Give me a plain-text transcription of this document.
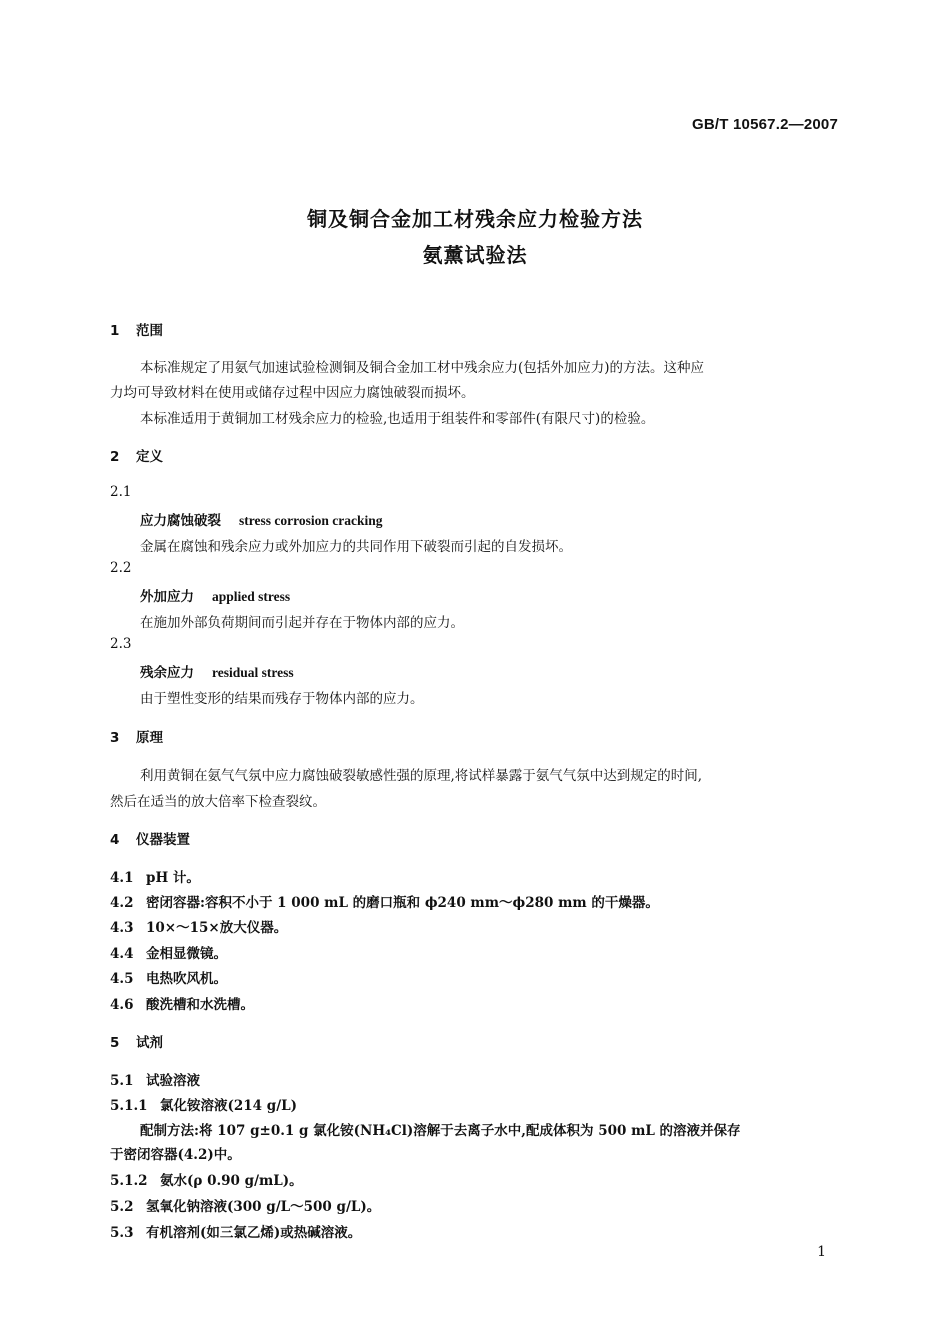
GB/T 10567.2—2007
铜及铜合金加工材残余应力检验方法
氨薰试验法
1 范围
本标准规定了用氨气加速试验检测铜及铜合金加工材中残余应力(包括外加应力)的方法。这种应
力均可导致材料在使用或储存过程中因应力腐蚀破裂而损坏。
本标准适用于黄铜加工材残余应力的检验,也适用于组装件和零部件(有限尺寸)的检验。
2 定义
2.1
应力腐蚀破裂 stress corrosion cracking
金属在腐蚀和残余应力或外加应力的共同作用下破裂而引起的自发损坏。
2.2
外加应力 applied stress
在施加外部负荷期间而引起并存在于物体内部的应力。
2.3
残余应力 residual stress
由于塑性变形的结果而残存于物体内部的应力。
3 原理
利用黄铜在氨气气氛中应力腐蚀破裂敏感性强的原理,将试样暴露于氨气气氛中达到规定的时间,
然后在适当的放大倍率下检查裂纹。
4 仪器装置
4.1 pH 计。
4.2 密闭容器:容积不小于 1 000 mL 的磨口瓶和 ϕ240 mm～ϕ280 mm 的干燥器。
4.3 10×～15×放大仪器。
4.4 金相显微镜。
4.5 电热吹风机。
4.6 酸洗槽和水洗槽。
5 试剂
5.1 试验溶液
5.1.1 氯化铵溶液(214 g/L)
配制方法:将 107 g±0.1 g 氯化铵(NH₄Cl)溶解于去离子水中,配成体积为 500 mL 的溶液并保存
于密闭容器(4.2)中。
5.1.2 氨水(ρ 0.90 g/mL)。
5.2 氢氧化钠溶液(300 g/L～500 g/L)。
5.3 有机溶剂(如三氯乙烯)或热碱溶液。
1
